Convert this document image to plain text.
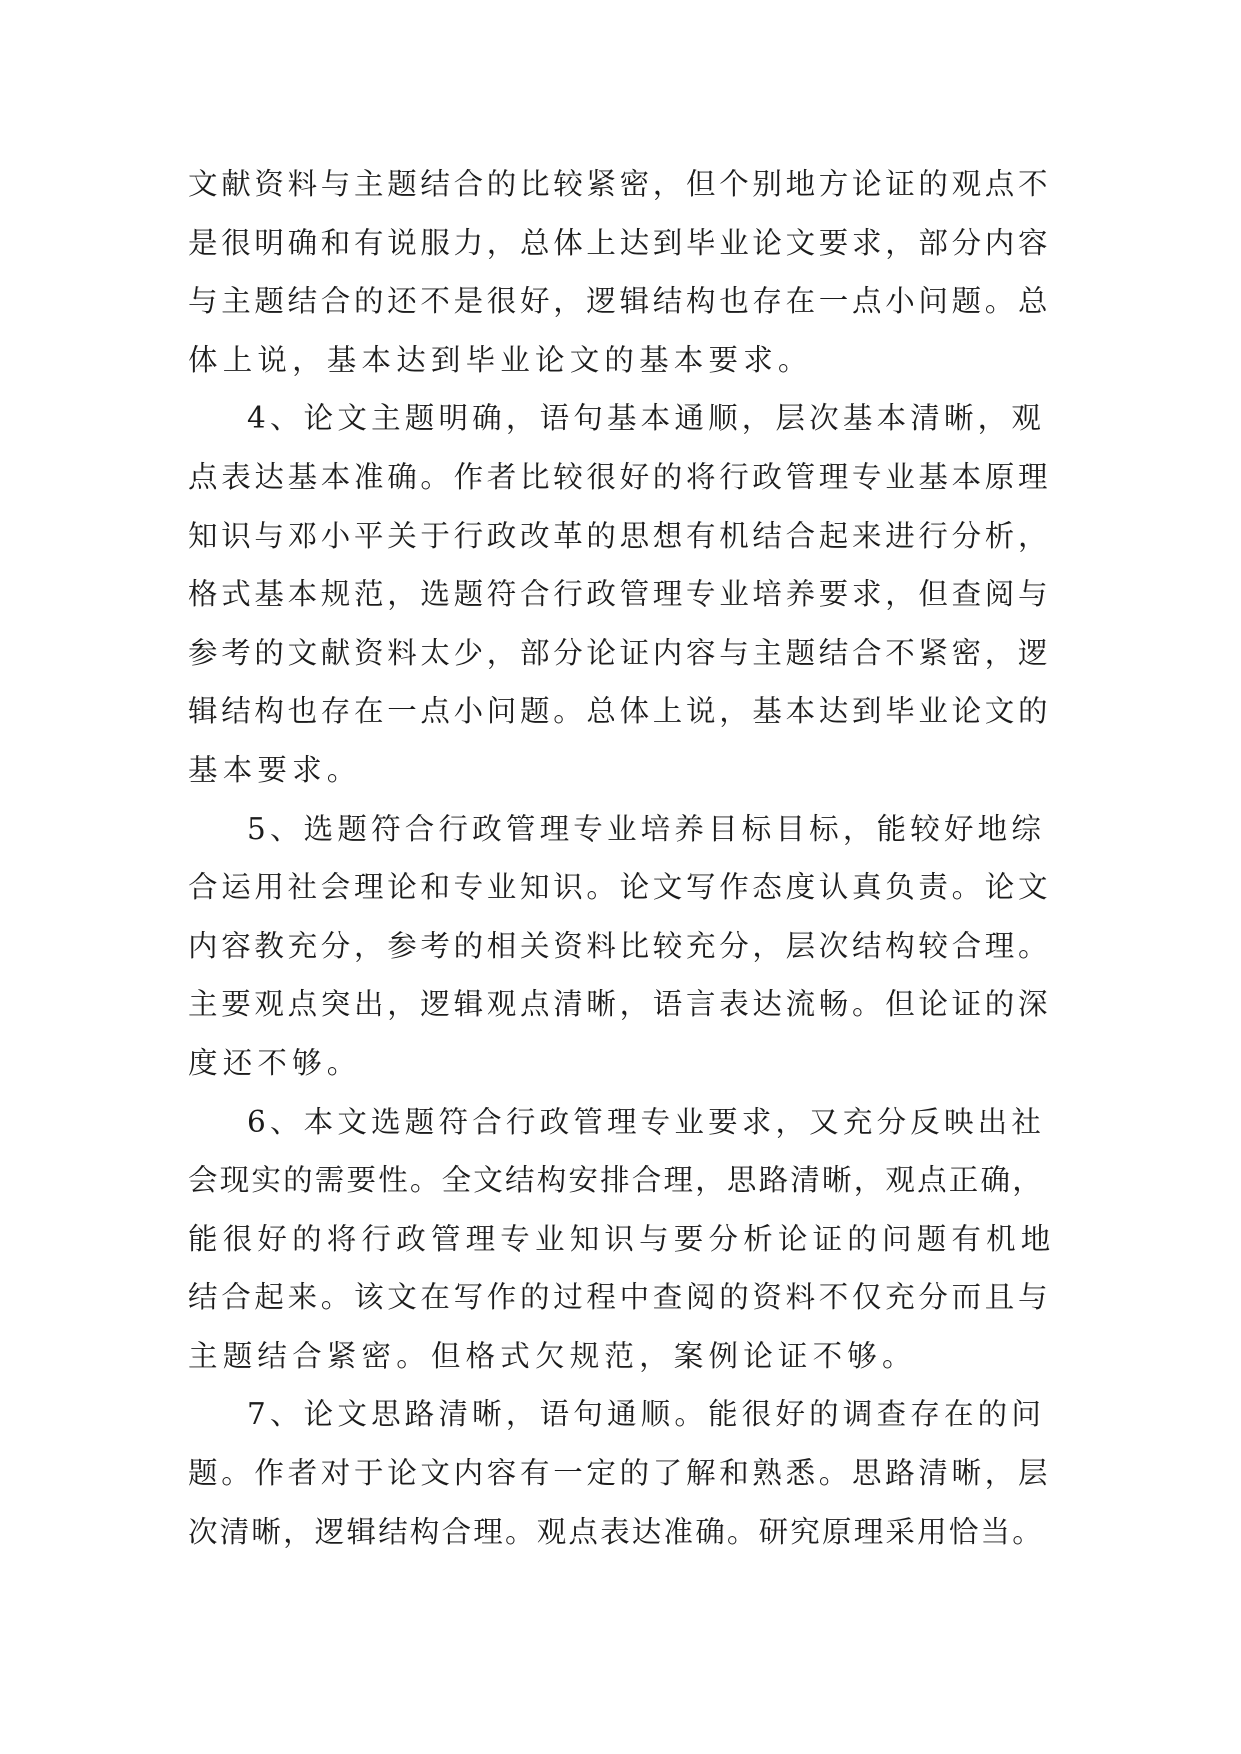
文献资料与主题结合的比较紧密，但个别地方论证的观点不
是很明确和有说服力，总体上达到毕业论文要求，部分内容
与主题结合的还不是很好，逻辑结构也存在一点小问题。总
体上说，基本达到毕业论文的基本要求。
4、论文主题明确，语句基本通顺，层次基本清晰，观
点表达基本准确。作者比较很好的将行政管理专业基本原理
知识与邓小平关于行政改革的思想有机结合起来进行分析，
格式基本规范，选题符合行政管理专业培养要求，但查阅与
参考的文献资料太少，部分论证内容与主题结合不紧密，逻
辑结构也存在一点小问题。总体上说，基本达到毕业论文的
基本要求。
5、选题符合行政管理专业培养目标目标，能较好地综
合运用社会理论和专业知识。论文写作态度认真负责。论文
内容教充分，参考的相关资料比较充分，层次结构较合理。
主要观点突出，逻辑观点清晰，语言表达流畅。但论证的深
度还不够。
6、本文选题符合行政管理专业要求，又充分反映出社
会现实的需要性。全文结构安排合理，思路清晰，观点正确，
能很好的将行政管理专业知识与要分析论证的问题有机地
结合起来。该文在写作的过程中查阅的资料不仅充分而且与
主题结合紧密。但格式欠规范，案例论证不够。
7、论文思路清晰，语句通顺。能很好的调查存在的问
题。作者对于论文内容有一定的了解和熟悉。思路清晰，层
次清晰，逻辑结构合理。观点表达准确。研究原理采用恰当。
